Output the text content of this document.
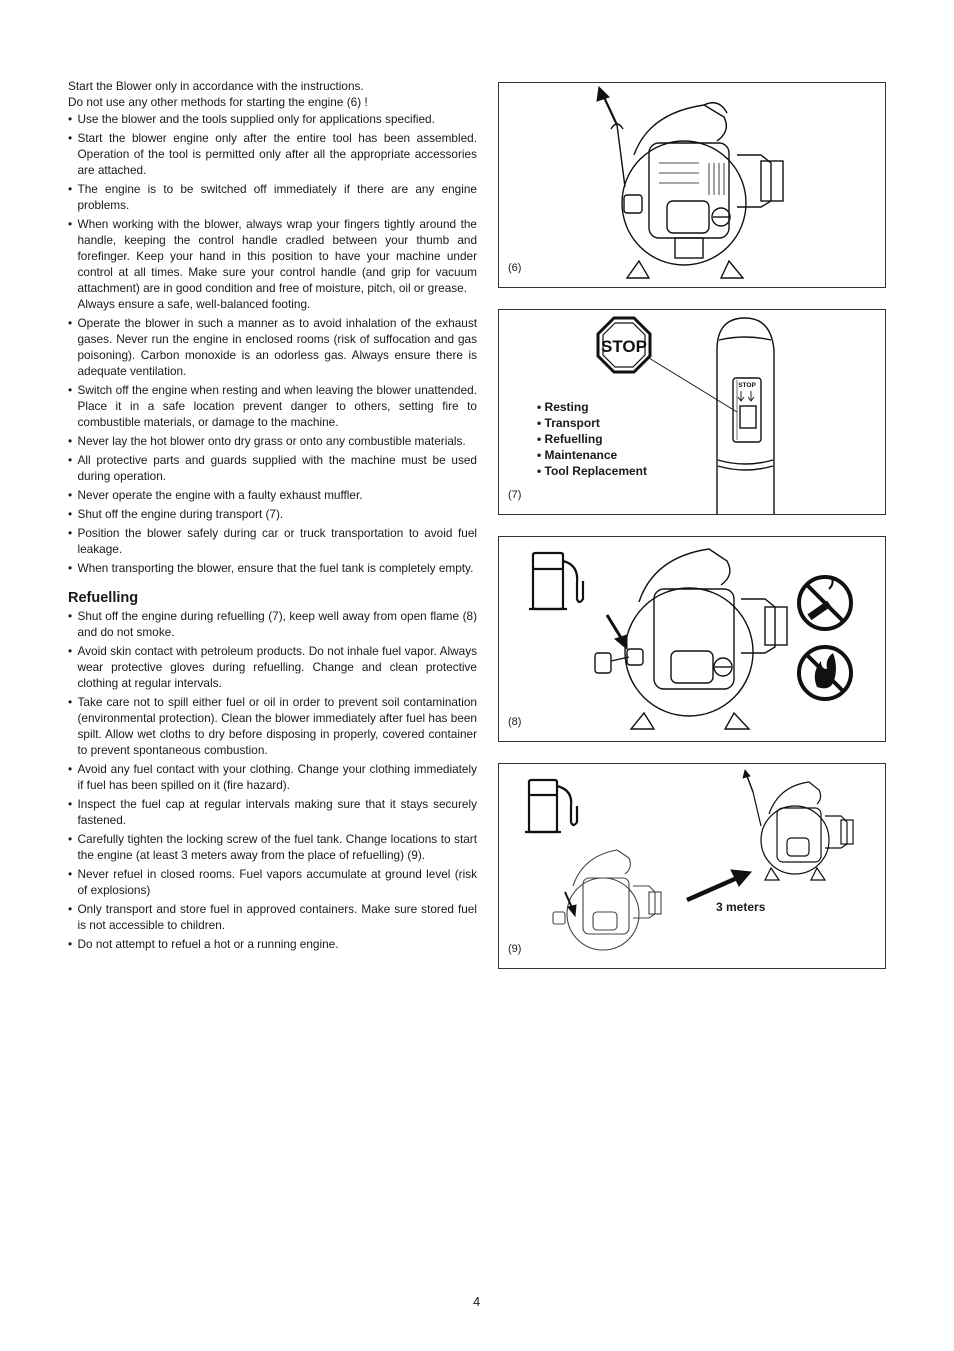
Start the Blower only in accordance with the instructions.

Do not use any other methods for starting the engine (6) !

• Use the blower and the tools supplied only for applications specified.
• Start the blower engine only after the entire tool has been assembled. Operation of the tool is permitted only after all the appropriate accessories are attached.
• The engine is to be switched off immediately if there are any engine problems.
• When working with the blower, always wrap your fingers tightly around the handle, keeping the control handle cradled between your thumb and forefinger. Keep your hand in this position to have your machine under control at all times. Make sure your control handle (and grip for vacuum attachment) are in good condition and free of moisture, pitch, oil or grease.
Always ensure a safe, well-balanced footing.
• Operate the blower in such a manner as to avoid inhalation of the exhaust gases. Never run the engine in enclosed rooms (risk of suffocation and gas poisoning). Carbon monoxide is an odorless gas. Always ensure there is adequate ventilation.
• Switch off the engine when resting and when leaving the blower unattended. Place it in a safe location prevent danger to others, setting fire to combustible materials, or damage to the machine.
• Never lay the hot blower onto dry grass or onto any combustible materials.
• All protective parts and guards supplied with the machine must be used during operation.
• Never operate the engine with a faulty exhaust muffler.
• Shut off the engine during transport (7).
• Position the blower safely during car or truck transportation to avoid fuel leakage.
• When transporting the blower, ensure that the fuel tank is completely empty.
Refuelling
• Shut off the engine during refuelling (7), keep well away from open flame (8) and do not smoke.
• Avoid skin contact with petroleum products. Do not inhale fuel vapor. Always wear protective gloves during refuelling. Change and clean protective clothing at regular intervals.
• Take care not to spill either fuel or oil in order to prevent soil contamination (environmental protection). Clean the blower immediately after fuel has been spilt. Allow wet cloths to dry before disposing in properly, covered container to prevent spontaneous combustion.
• Avoid any fuel contact with your clothing. Change your clothing immediately if fuel has been spilled on it (fire hazard).
• Inspect the fuel cap at regular intervals making sure that it stays securely fastened.
• Carefully tighten the locking screw of the fuel tank. Change locations to start the engine (at least 3 meters away from the place of refuelling) (9).
• Never refuel in closed rooms. Fuel vapors accumulate at ground level (risk of explosions)
• Only transport and store fuel in approved containers. Make sure stored fuel is not accessible to children.
• Do not attempt to refuel a hot or a running engine.
(6)
STOP
STOP
• Resting
• Transport
• Refuelling
• Maintenance
• Tool Replacement
(7)
(8)
3 meters
(9)
4
